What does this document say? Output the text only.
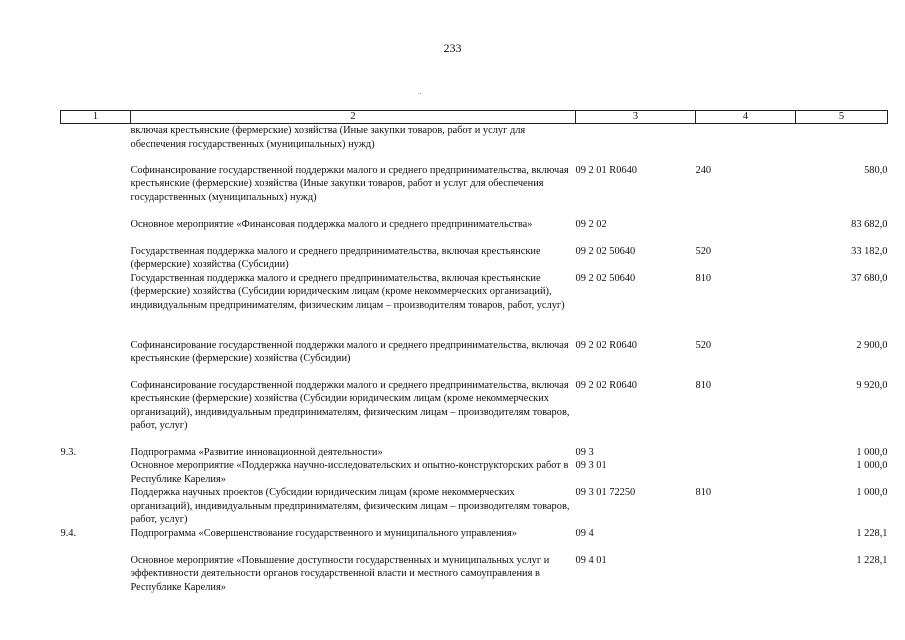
233
1	2	3	4	5
	включая крестьянские (фермерские) хозяйства (Иные закупки товаров, работ и услуг для обеспечения государственных (муниципальных) нужд)			
	Софинансирование государственной поддержки малого и среднего предпринимательства, включая крестьянские (фермерские) хозяйства (Иные закупки товаров, работ и услуг для обеспечения государственных (муниципальных) нужд)	09 2 01 R0640	240	580,0
	Основное мероприятие «Финансовая поддержка малого и среднего предпринимательства»	09 2 02		83 682,0
	Государственная поддержка малого и среднего предпринимательства, включая крестьянские (фермерские) хозяйства (Субсидии)	09 2 02 50640	520	33 182,0
	Государственная поддержка малого и среднего предпринимательства, включая крестьянские (фермерские) хозяйства (Субсидии юридическим лицам (кроме некоммерческих организаций), индивидуальным предпринимателям, физическим лицам – производителям товаров, работ, услуг)	09 2 02 50640	810	37 680,0
	Софинансирование государственной поддержки малого и среднего предпринимательства, включая крестьянские (фермерские) хозяйства (Субсидии)	09 2 02 R0640	520	2 900,0
	Софинансирование государственной поддержки малого и среднего предпринимательства, включая крестьянские (фермерские) хозяйства (Субсидии юридическим лицам (кроме некоммерческих организаций), индивидуальным предпринимателям, физическим лицам – производителям товаров, работ, услуг)	09 2 02 R0640	810	9 920,0
9.3.	Подпрограмма «Развитие инновационной деятельности»	09 3		1 000,0
	Основное мероприятие «Поддержка научно-исследовательских и опытно-конструкторских работ в Республике Карелия»	09 3 01		1 000,0
	Поддержка научных проектов (Субсидии юридическим лицам (кроме некоммерческих организаций), индивидуальным предпринимателям, физическим лицам – производителям товаров, работ, услуг)	09 3 01 72250	810	1 000,0
9.4.	Подпрограмма «Совершенствование государственного и муниципального управления»	09 4		1 228,1
	Основное мероприятие «Повышение доступности государственных и муниципальных услуг и эффективности деятельности органов государственной власти и местного самоуправления в Республике Карелия»	09 4 01		1 228,1
